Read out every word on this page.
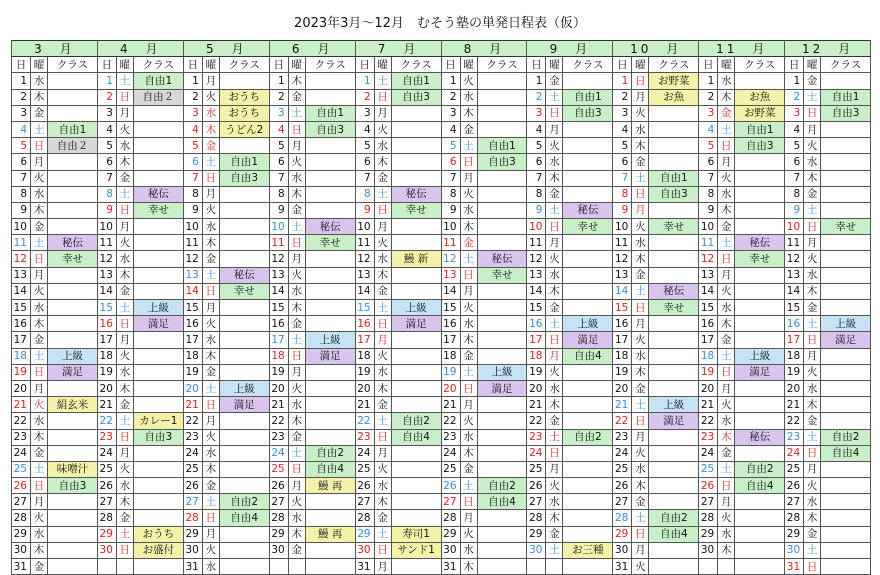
2023年3月〜12月　むそう塾の単発日程表（仮）
3　月			4　月			5　月			6　月			7　月			8　月			9　月			10　月			11　月			12　月		
日	曜	クラス	日	曜	クラス	日	曜	クラス	日	曜	クラス	日	曜	クラス	日	曜	クラス	日	曜	クラス	日	曜	クラス	日	曜	クラス	日	曜	クラス
1	水		1	土	自由1	1	月		1	木		1	土	自由1	1	火		1	金		1	日	お野菜	1	水		1	金	
2	木		2	日	自由２	2	火	おうち	2	金		2	日	自由3	2	水		2	土	自由1	2	月	お魚	2	木	お魚	2	土	自由1
3	金		3	月		3	水	おうち	3	土	自由1	3	月		3	木		3	日	自由3	3	火		3	金	お野菜	3	日	自由3
4	土	自由1	4	火		4	木	うどん2	4	日	自由3	4	火		4	金		4	月		4	水		4	土	自由1	4	月	
5	日	自由２	5	水		5	金		5	月		5	水		5	土	自由1	5	火		5	木		5	日	自由3	5	火	
6	月		6	木		6	土	自由1	6	火		6	木		6	日	自由3	6	水		6	金		6	月		6	水	
7	火		7	金		7	日	自由3	7	水		7	金		7	月		7	木		7	土	自由1	7	火		7	木	
8	水		8	土	秘伝	8	月		8	木		8	土	秘伝	8	火		8	金		8	日	自由3	8	水		8	金	
9	木		9	日	幸せ	9	火		9	金		9	日	幸せ	9	水		9	土	秘伝	9	月		9	木		9	土	
10	金		10	月		10	水		10	土	秘伝	10	月		10	木		10	日	幸せ	10	火	幸せ	10	金		10	日	幸せ
11	土	秘伝	11	火		11	木		11	日	幸せ	11	火		11	金		11	月		11	水		11	土	秘伝	11	月	
12	日	幸せ	12	水		12	金		12	月		12	水	鰻 新	12	土	秘伝	12	火		12	木		12	日	幸せ	12	火	
13	月		13	木		13	土	秘伝	13	火		13	木		13	日	幸せ	13	水		13	金		13	月		13	水	
14	火		14	金		14	日	幸せ	14	水		14	金		14	月		14	木		14	土	秘伝	14	火		14	木	
15	水		15	土	上級	15	月		15	木		15	土	上級	15	火		15	金		15	日	幸せ	15	水		15	金	
16	木		16	日	満足	16	火		16	金		16	日	満足	16	水		16	土	上級	16	月		16	木		16	土	上級
17	金		17	月		17	水		17	土	上級	17	月		17	木		17	日	満足	17	火		17	金		17	日	満足
18	土	上級	18	火		18	木		18	日	満足	18	火		18	金		18	月	自由4	18	水		18	土	上級	18	月	
19	日	満足	19	水		19	金		19	月		19	水		19	土	上級	19	火		19	木		19	日	満足	19	火	
20	月		20	木		20	土	上級	20	火		20	木		20	日	満足	20	水		20	金		20	月		20	水	
21	火	絹玄米	21	金		21	日	満足	21	水		21	金		21	月		21	木		21	土	上級	21	火		21	木	
22	水		22	土	カレー1	22	月		22	木		22	土	自由2	22	火		22	金		22	日	満足	22	水		22	金	
23	木		23	日	自由3	23	火		23	金		23	日	自由4	23	水		23	土	自由2	23	月		23	木	秘伝	23	土	自由2
24	金		24	月		24	水		24	土	自由2	24	月		24	木		24	日		24	火		24	金		24	日	自由4
25	土	味噌汁	25	火		25	木		25	日	自由4	25	火		25	金		25	月		25	水		25	土	自由2	25	月	
26	日	自由3	26	水		26	金		26	月	鰻 再	26	水		26	土	自由2	26	火		26	木		26	日	自由4	26	火	
27	月		27	木		27	土	自由2	27	火		27	木		27	日	自由4	27	水		27	金		27	月		27	水	
28	火		28	金		28	日	自由4	28	水		28	金		28	月		28	木		28	土	自由2	28	火		28	木	
29	水		29	土	おうち	29	月		29	木	鰻 再	29	土	寿司1	29	火		29	金		29	日	自由4	29	水		29	金	
30	木		30	日	お盛付	30	火		30	金		30	日	サンド1	30	水		30	土	お三種	30	月		30	木		30	土	
31	金					31	水					31	月		31	木					31	火					31	日	
